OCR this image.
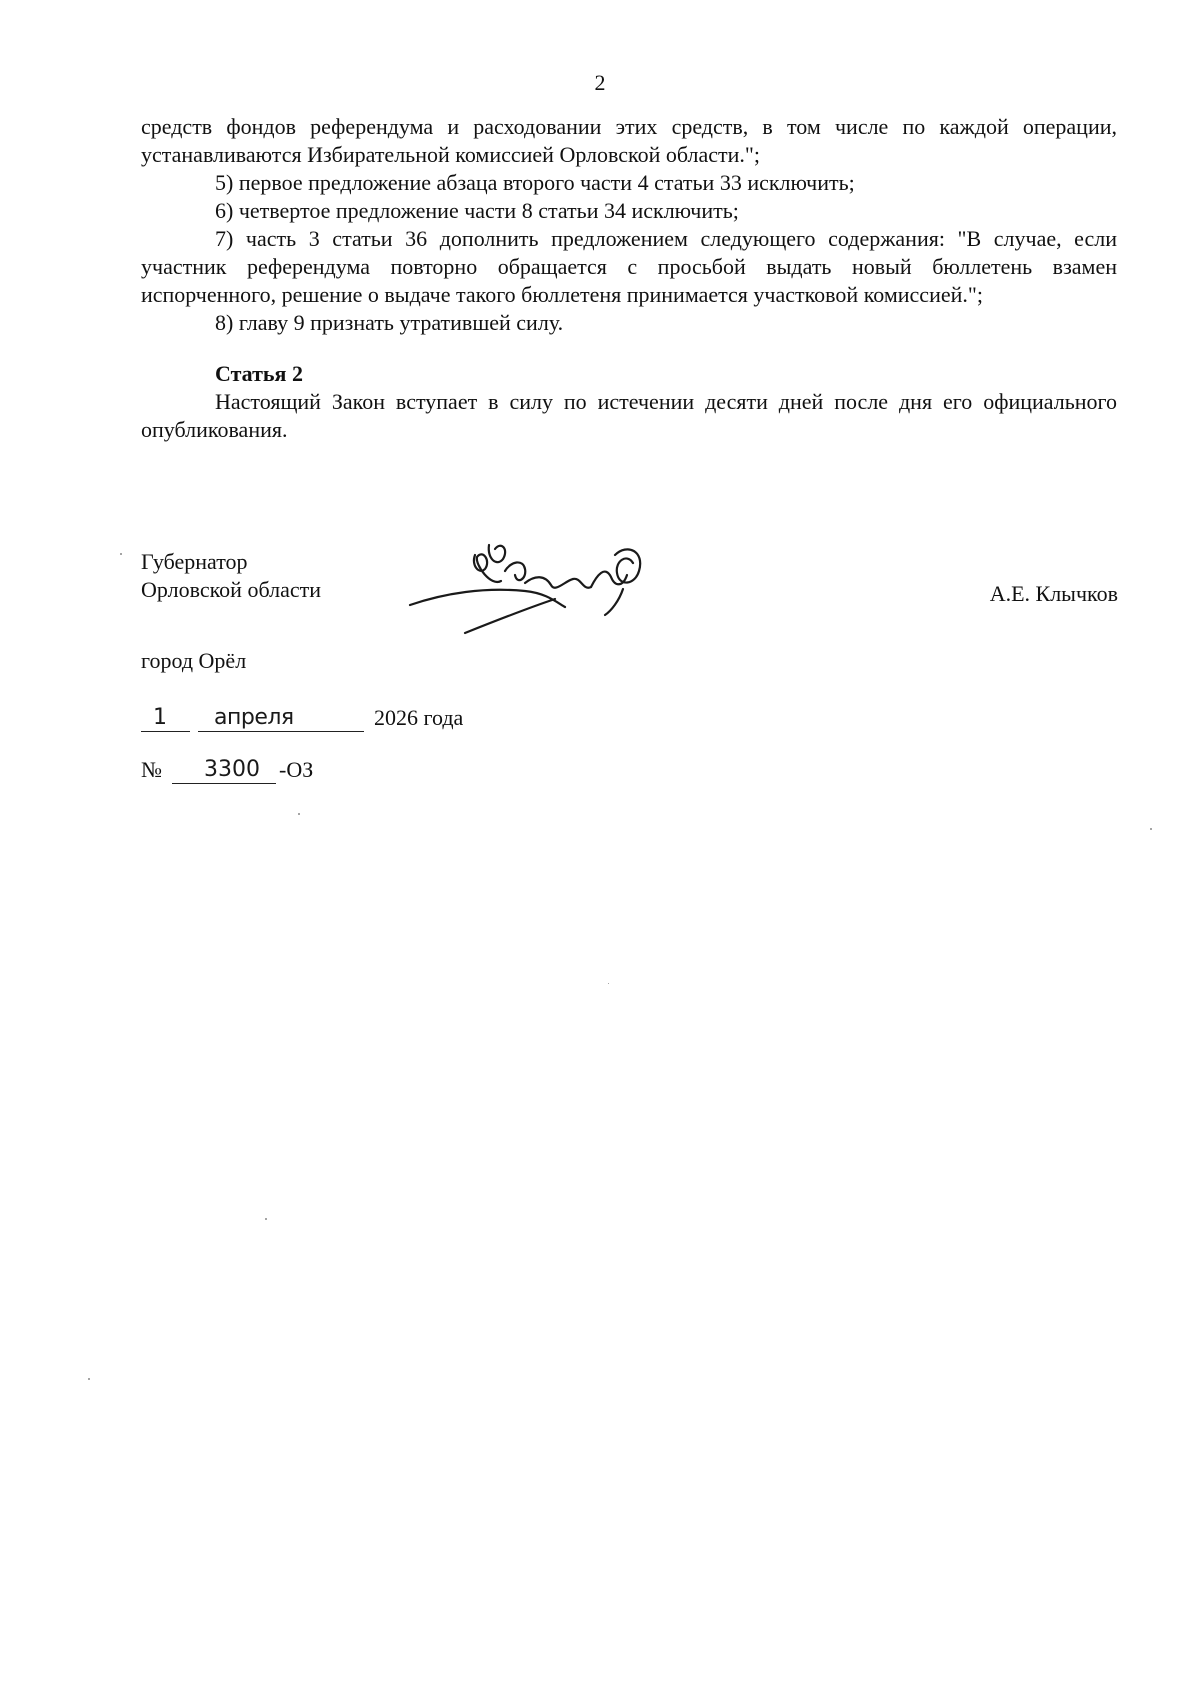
2

средств фондов референдума и расходовании этих средств, в том числе по каждой операции, устанавливаются Избирательной комиссией Орловской области.";

5) первое предложение абзаца второго части 4 статьи 33 исключить;

6) четвертое предложение части 8 статьи 34 исключить;

7) часть 3 статьи 36 дополнить предложением следующего содержания: "В случае, если участник референдума повторно обращается с просьбой выдать новый бюллетень взамен испорченного, решение о выдаче такого бюллетеня принимается участковой комиссией.";

8) главу 9 признать утратившей силу.

Статья 2

Настоящий Закон вступает в силу по истечении десяти дней после дня его официального опубликования.

Губернатор
Орловской области	А.Е. Клычков
город Орёл
1 апреля	2026 года
№ 3300 -ОЗ
